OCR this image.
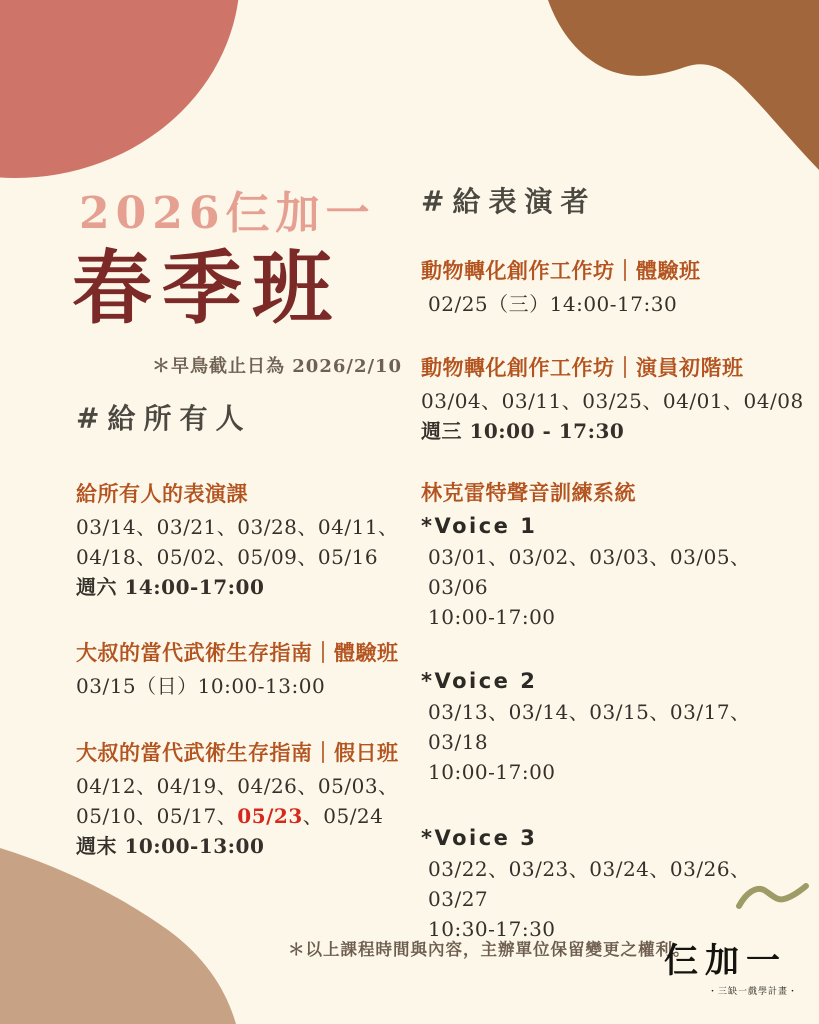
2026仨加一
春季班
＊早鳥截止日為 2026/2/10
#給所有人
#給表演者
給所有人的表演課
03/14、03/21、03/28、04/11、
04/18、05/02、05/09、05/16
週六 14:00-17:00
大叔的當代武術生存指南｜體驗班
03/15（日）10:00-13:00
大叔的當代武術生存指南｜假日班
04/12、04/19、04/26、05/03、
05/10、05/17、05/23、05/24
週末 10:00-13:00
動物轉化創作工作坊｜體驗班
02/25（三）14:00-17:30
動物轉化創作工作坊｜演員初階班
03/04、03/11、03/25、04/01、04/08
週三 10:00 - 17:30
林克雷特聲音訓練系統
*Voice 1
03/01、03/02、03/03、03/05、03/06
10:00-17:00
*Voice 2
03/13、03/14、03/15、03/17、03/18
10:00-17:00
*Voice 3
03/22、03/23、03/24、03/26、03/27
10:30-17:30
＊以上課程時間與內容，主辦單位保留變更之權利。
仨加一
・三缺一戲學計畫・
